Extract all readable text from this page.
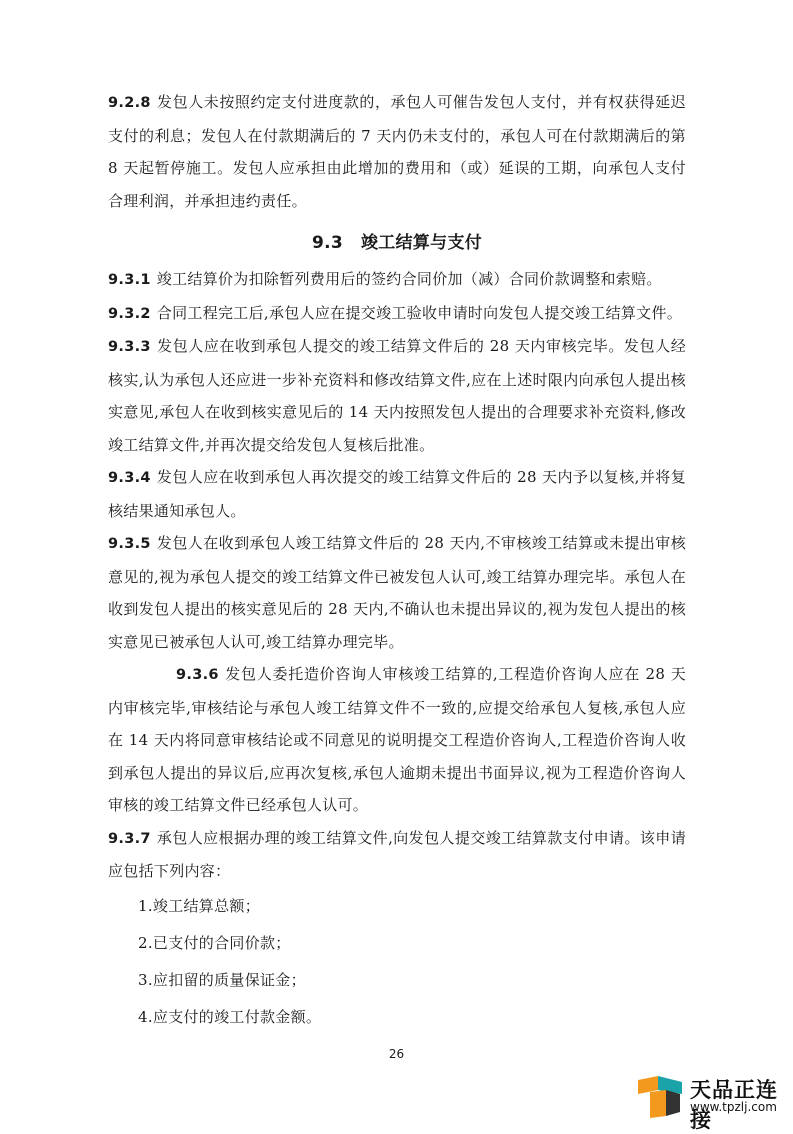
9.2.8 发包人未按照约定支付进度款的，承包人可催告发包人支付，并有权获得延迟支付的利息；发包人在付款期满后的 7 天内仍未支付的，承包人可在付款期满后的第 8 天起暂停施工。发包人应承担由此增加的费用和（或）延误的工期，向承包人支付合理利润，并承担违约责任。

9.3 竣工结算与支付

9.3.1 竣工结算价为扣除暂列费用后的签约合同价加（减）合同价款调整和索赔。

9.3.2 合同工程完工后,承包人应在提交竣工验收申请时向发包人提交竣工结算文件。

9.3.3 发包人应在收到承包人提交的竣工结算文件后的 28 天内审核完毕。发包人经核实,认为承包人还应进一步补充资料和修改结算文件,应在上述时限内向承包人提出核实意见,承包人在收到核实意见后的 14 天内按照发包人提出的合理要求补充资料,修改竣工结算文件,并再次提交给发包人复核后批准。

9.3.4 发包人应在收到承包人再次提交的竣工结算文件后的 28 天内予以复核,并将复核结果通知承包人。

9.3.5 发包人在收到承包人竣工结算文件后的 28 天内,不审核竣工结算或未提出审核意见的,视为承包人提交的竣工结算文件已被发包人认可,竣工结算办理完毕。承包人在收到发包人提出的核实意见后的 28 天内,不确认也未提出异议的,视为发包人提出的核实意见已被承包人认可,竣工结算办理完毕。

9.3.6 发包人委托造价咨询人审核竣工结算的,工程造价咨询人应在 28 天内审核完毕,审核结论与承包人竣工结算文件不一致的,应提交给承包人复核,承包人应在 14 天内将同意审核结论或不同意见的说明提交工程造价咨询人,工程造价咨询人收到承包人提出的异议后,应再次复核,承包人逾期未提出书面异议,视为工程造价咨询人审核的竣工结算文件已经承包人认可。

9.3.7 承包人应根据办理的竣工结算文件,向发包人提交竣工结算款支付申请。该申请应包括下列内容：

1.竣工结算总额；
2.已支付的合同价款；
3.应扣留的质量保证金；
4.应支付的竣工付款金额。
26
天品正连接
www.tpzlj.com
